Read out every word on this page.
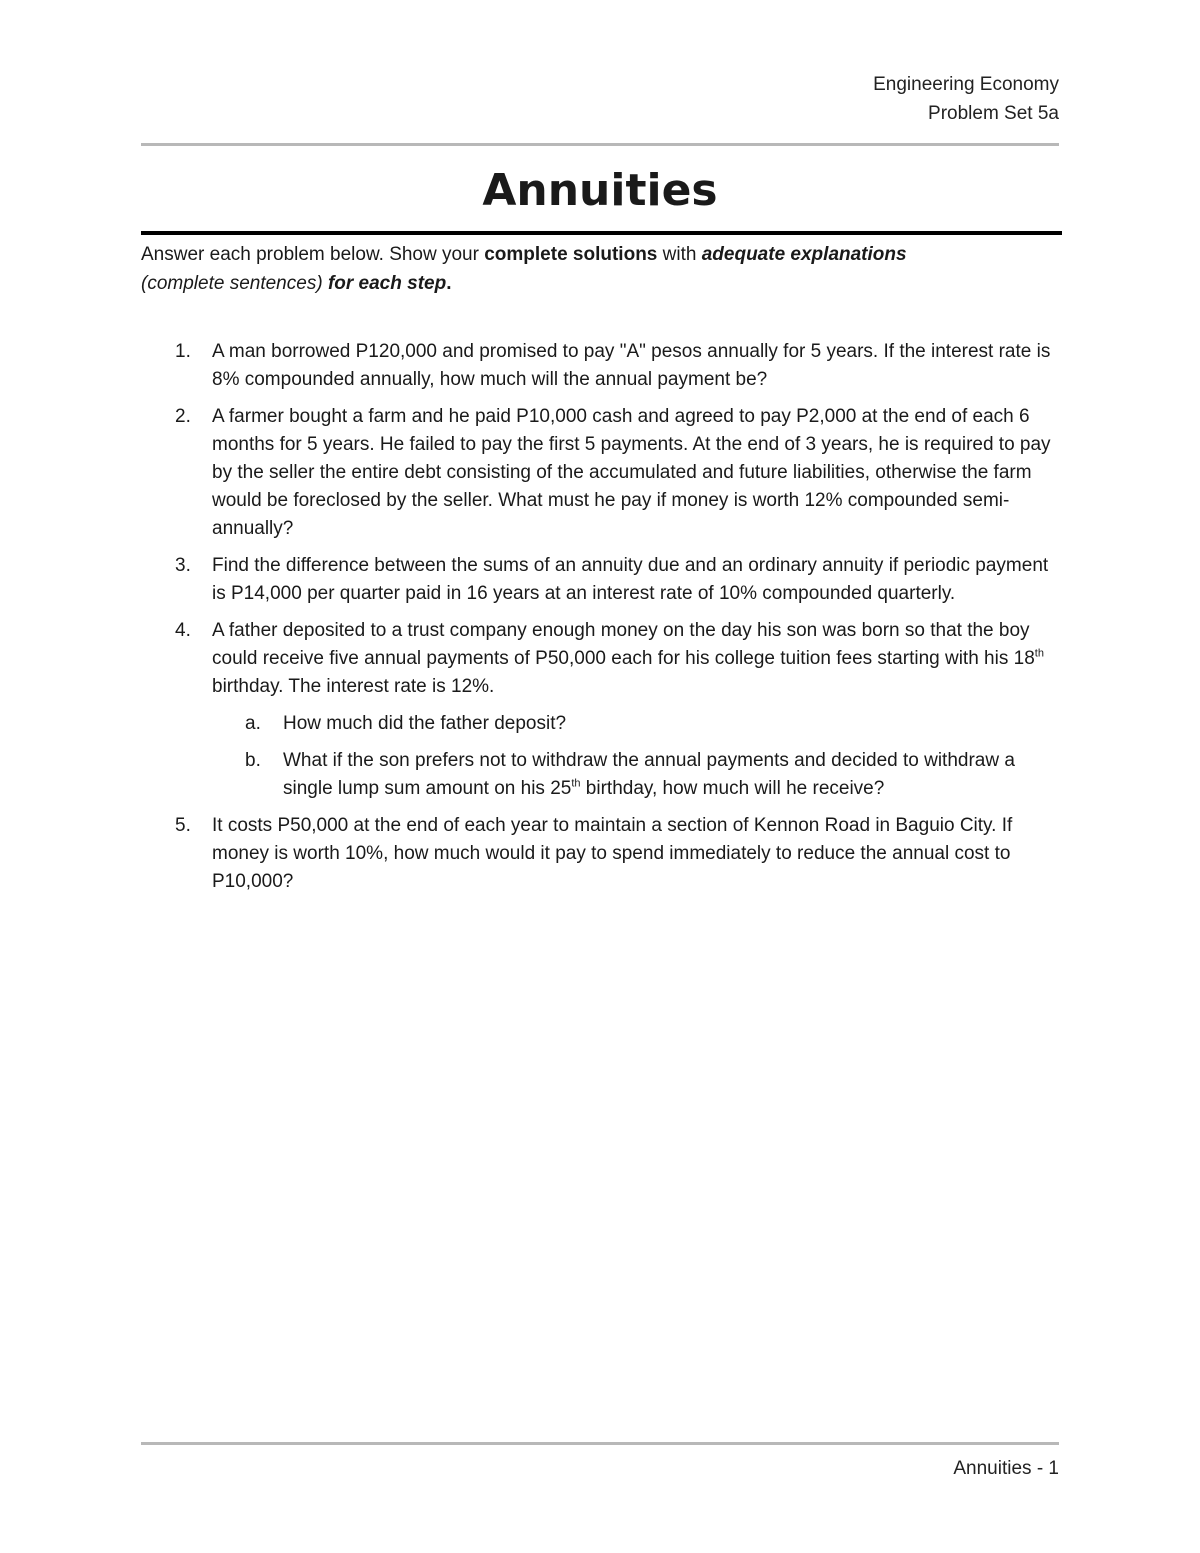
Engineering Economy
Problem Set 5a
Annuities

Answer each problem below. Show your complete solutions with adequate explanations
(complete sentences) for each step.

1. A man borrowed P120,000 and promised to pay "A" pesos annually for 5 years. If the interest rate is 8% compounded annually, how much will the annual payment be?
2. A farmer bought a farm and he paid P10,000 cash and agreed to pay P2,000 at the end of each 6 months for 5 years. He failed to pay the first 5 payments. At the end of 3 years, he is required to pay by the seller the entire debt consisting of the accumulated and future liabilities, otherwise the farm would be foreclosed by the seller. What must he pay if money is worth 12% compounded semi-annually?
3. Find the difference between the sums of an annuity due and an ordinary annuity if periodic payment is P14,000 per quarter paid in 16 years at an interest rate of 10% compounded quarterly.
4. A father deposited to a trust company enough money on the day his son was born so that the boy could receive five annual payments of P50,000 each for his college tuition fees starting with his 18th birthday. The interest rate is 12%.
a. How much did the father deposit?
b. What if the son prefers not to withdraw the annual payments and decided to withdraw a single lump sum amount on his 25th birthday, how much will he receive?
5. It costs P50,000 at the end of each year to maintain a section of Kennon Road in Baguio City. If money is worth 10%, how much would it pay to spend immediately to reduce the annual cost to P10,000?
Annuities - 1
